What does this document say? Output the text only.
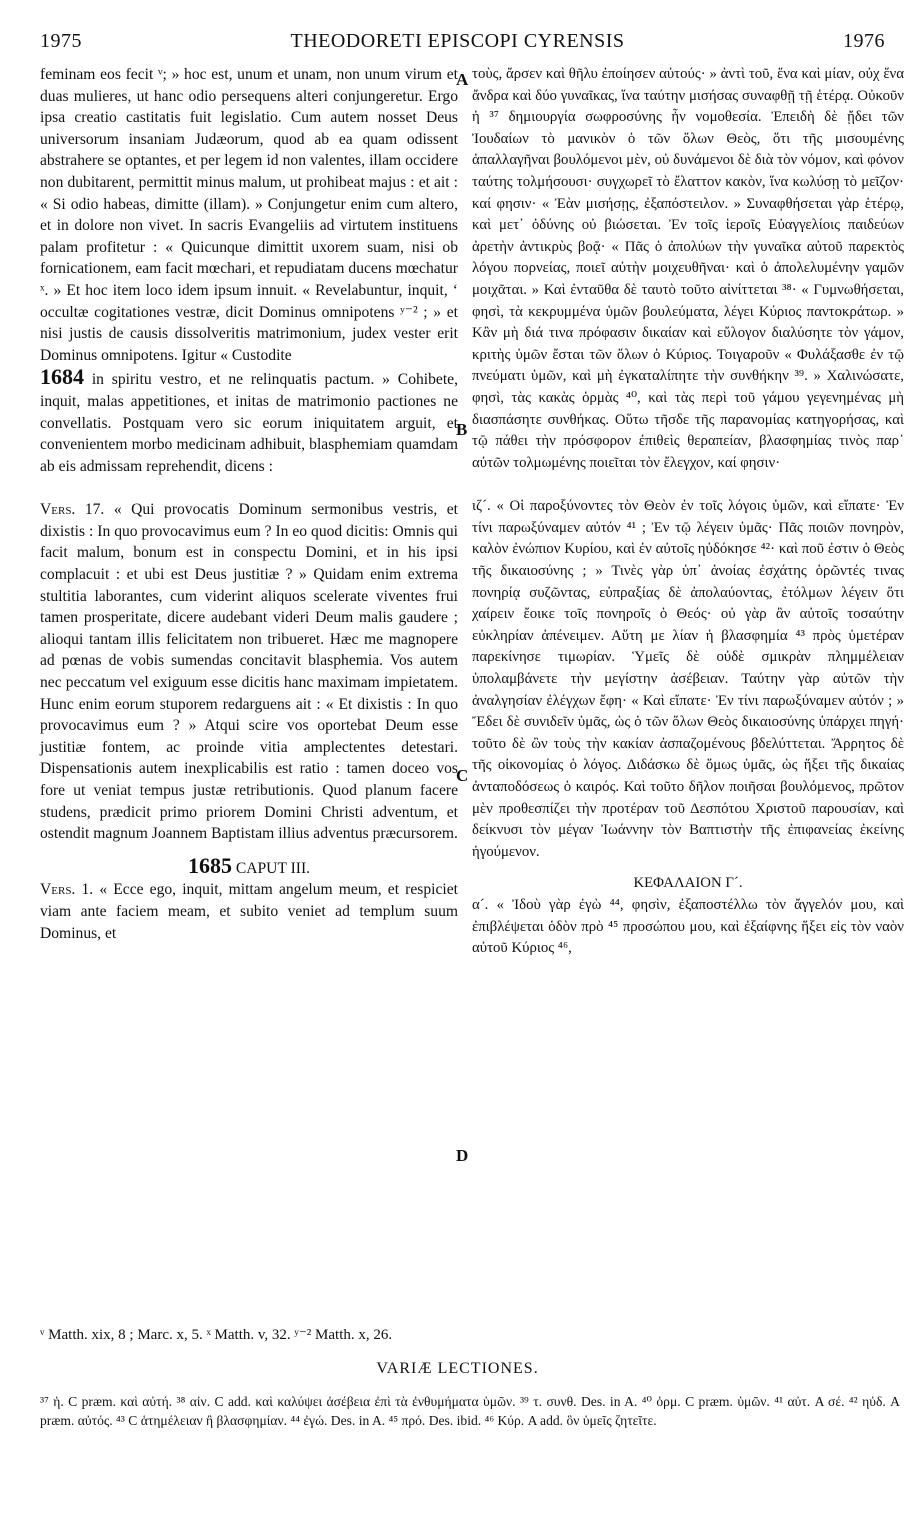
THEODORETI EPISCOPI CYRENSIS
1975	1976
A
B
C
D

feminam eos fecit ᵛ; » hoc est, unum et unam, non unum virum et duas mulieres, ut hanc odio persequens alteri conjungeretur. Ergo ipsa creatio castitatis fuit legislatio. Cum autem nosset Deus universorum insaniam Judæorum, quod ab ea quam odissent abstrahere se optantes, et per legem id non valentes, illam occidere non dubitarent, permittit minus malum, ut prohibeat majus : et ait : « Si odio habeas, dimitte (illam). » Conjungetur enim cum altero, et in dolore non vivet. In sacris Evangeliis ad virtutem instituens palam profitetur : « Quicunque dimittit uxorem suam, nisi ob fornicationem, eam facit mœchari, et repudiatam ducens mœchatur ˣ. » Et hoc item loco idem ipsum innuit. « Revelabuntur, inquit, ‘ occultæ cogitationes vestræ, dicit Dominus omnipotens ʸ⁻² ; » et nisi justis de causis dissolveritis matrimonium, judex vester erit Dominus omnipotens. Igitur « Custodite

1684 in spiritu vestro, et ne relinquatis pactum. » Cohibete, inquit, malas appetitiones, et initas de matrimonio pactiones ne convellatis. Postquam vero sic eorum iniquitatem arguit, et convenientem morbo medicinam adhibuit, blasphemiam quamdam ab eis admissam reprehendit, dicens :

Vers. 17. « Qui provocatis Dominum sermonibus vestris, et dixistis : In quo provocavimus eum ? In eo quod dicitis: Omnis qui facit malum, bonum est in conspectu Domini, et in his ipsi complacuit : et ubi est Deus justitiæ ? » Quidam enim extrema stultitia laborantes, cum viderint aliquos scelerate viventes frui tamen prosperitate, dicere audebant videri Deum malis gaudere ; alioqui tantam illis felicitatem non tribueret. Hæc me magnopere ad pœnas de vobis sumendas concitavit blasphemia. Vos autem nec peccatum vel exiguum esse dicitis hanc maximam impietatem. Hunc enim eorum stuporem redarguens ait : « Et dixistis : In quo provocavimus eum ? » Atqui scire vos oportebat Deum esse justitiæ fontem, ac proinde vitia amplectentes detestari. Dispensationis autem inexplicabilis est ratio : tamen doceo vos fore ut veniat tempus justæ retributionis. Quod planum facere studens, prædicit primo priorem Domini Christi adventum, et ostendit magnum Joannem Baptistam illius adventus præcursorem.

1685 CAPUT III.

Vers. 1. « Ecce ego, inquit, mittam angelum meum, et respiciet viam ante faciem meam, et subito veniet ad templum suum Dominus, et

τοὺς, ἄρσεν καὶ θῆλυ ἐποίησεν αὐτούς· » ἀντὶ τοῦ, ἕνα καὶ μίαν, οὐχ ἕνα ἄνδρα καὶ δύο γυναῖκας, ἵνα ταύτην μισήσας συναφθῇ τῇ ἑτέρᾳ. Οὐκοῦν ἡ ³⁷ δημιουργία σωφροσύνης ἦν νομοθεσία. Ἐπειδὴ δὲ ᾔδει τῶν Ἰουδαίων τὸ μανικὸν ὁ τῶν ὅλων Θεὸς, ὅτι τῆς μισουμένης ἀπαλλαγῆναι βουλόμενοι μὲν, οὐ δυνάμενοι δὲ διὰ τὸν νόμον, καὶ φόνον ταύτης τολμήσουσι· συγχωρεῖ τὸ ἔλαττον κακὸν, ἵνα κωλύσῃ τὸ μεῖζον· καί φησιν· « Ἐὰν μισήσῃς, ἐξαπόστειλον. » Συναφθήσεται γὰρ ἑτέρῳ, καὶ μετ᾽ ὀδύνης οὐ βιώσεται. Ἐν τοῖς ἱεροῖς Εὐαγγελίοις παιδεύων ἀρετὴν ἀντικρὺς βοᾷ· « Πᾶς ὁ ἀπολύων τὴν γυναῖκα αὐτοῦ παρεκτὸς λόγου πορνείας, ποιεῖ αὐτὴν μοιχευθῆναι· καὶ ὁ ἀπολελυμένην γαμῶν μοιχᾶται. » Καὶ ἐνταῦθα δὲ ταυτὸ τοῦτο αἰνίττεται ³⁸· « Γυμνωθήσεται, φησὶ, τὰ κεκρυμμένα ὑμῶν βουλεύματα, λέγει Κύριος παντοκράτωρ. » Κἂν μὴ διά τινα πρόφασιν δικαίαν καὶ εὔλογον διαλύσητε τὸν γάμον, κριτὴς ὑμῶν ἔσται τῶν ὅλων ὁ Κύριος. Τοιγαροῦν « Φυλάξασθε ἐν τῷ πνεύματι ὑμῶν, καὶ μὴ ἐγκαταλίπητε τὴν συνθήκην ³⁹. » Χαλινώσατε, φησὶ, τὰς κακὰς ὁρμὰς ⁴⁰, καὶ τὰς περὶ τοῦ γάμου γεγενημένας μὴ διασπάσητε συνθήκας. Οὕτω τῆσδε τῆς παρανομίας κατηγορήσας, καὶ τῷ πάθει τὴν πρόσφορον ἐπιθεὶς θεραπείαν, βλασφημίας τινὸς παρ᾽ αὐτῶν τολμωμένης ποιεῖται τὸν ἔλεγχον, καί φησιν·

ιζ´. « Οἱ παροξύνοντες τὸν Θεὸν ἐν τοῖς λόγοις ὑμῶν, καὶ εἴπατε· Ἐν τίνι παρωξύναμεν αὐτόν ⁴¹ ; Ἐν τῷ λέγειν ὑμᾶς· Πᾶς ποιῶν πονηρὸν, καλὸν ἐνώπιον Κυρίου, καὶ ἐν αὐτοῖς ηὐδόκησε ⁴²· καὶ ποῦ ἐστιν ὁ Θεὸς τῆς δικαιοσύνης ; » Τινὲς γὰρ ὑπ᾽ ἀνοίας ἐσχάτης ὁρῶντές τινας πονηρίᾳ συζῶντας, εὐπραξίας δὲ ἀπολαύοντας, ἐτόλμων λέγειν ὅτι χαίρειν ἔοικε τοῖς πονηροῖς ὁ Θεός· οὐ γὰρ ἂν αὐτοῖς τοσαύτην εὐκληρίαν ἀπένειμεν. Αὕτη με λίαν ἡ βλασφημία ⁴³ πρὸς ὑμετέραν παρεκίνησε τιμωρίαν. Ὑμεῖς δὲ οὐδὲ σμικρὰν πλημμέλειαν ὑπολαμβάνετε τὴν μεγίστην ἀσέβειαν. Ταύτην γὰρ αὐτῶν τὴν ἀναλγησίαν ἐλέγχων ἔφη· « Καὶ εἴπατε· Ἐν τίνι παρωξύναμεν αὐτόν ; » Ἔδει δὲ συνιδεῖν ὑμᾶς, ὡς ὁ τῶν ὅλων Θεὸς δικαιοσύνης ὑπάρχει πηγή· τοῦτο δὲ ὢν τοὺς τὴν κακίαν ἀσπαζομένους βδελύττεται. Ἄρρητος δὲ τῆς οἰκονομίας ὁ λόγος. Διδάσκω δὲ ὅμως ὑμᾶς, ὡς ἥξει τῆς δικαίας ἀνταποδόσεως ὁ καιρός. Καὶ τοῦτο δῆλον ποιῆσαι βουλόμενος, πρῶτον μὲν προθεσπίζει τὴν προτέραν τοῦ Δεσπότου Χριστοῦ παρουσίαν, καὶ δείκνυσι τὸν μέγαν Ἰωάννην τὸν Βαπτιστὴν τῆς ἐπιφανείας ἐκείνης ἡγούμενον.

ΚΕΦΑΛΑΙΟΝ Γ´.

α´. « Ἰδοὺ γὰρ ἐγὼ ⁴⁴, φησὶν, ἐξαποστέλλω τὸν ἄγγελόν μου, καὶ ἐπιβλέψεται ὁδὸν πρὸ ⁴⁵ προσώπου μου, καὶ ἐξαίφνης ἥξει εἰς τὸν ναὸν αὐτοῦ Κύριος ⁴⁶,

ᵛ Matth. xix, 8 ; Marc. x, 5. ˣ Matth. v, 32. ʸ⁻² Matth. x, 26.
VARIÆ LECTIONES.
³⁷ ἡ. C præm. καὶ αὐτή. ³⁸ αἰν. C add. καὶ καλύψει ἀσέβεια ἐπὶ τὰ ἐνθυμήματα ὑμῶν. ³⁹ τ. συνθ. Des. in A. ⁴⁰ ὁρμ. C præm. ὑμῶν. ⁴¹ αὐτ. A σέ. ⁴² ηὐδ. A præm. αὐτός. ⁴³ C ἁτημέλειαν ἢ βλασφημίαν. ⁴⁴ ἐγώ. Des. in A. ⁴⁵ πρό. Des. ibid. ⁴⁶ Κύρ. A add. ὃν ὑμεῖς ζητεῖτε.
